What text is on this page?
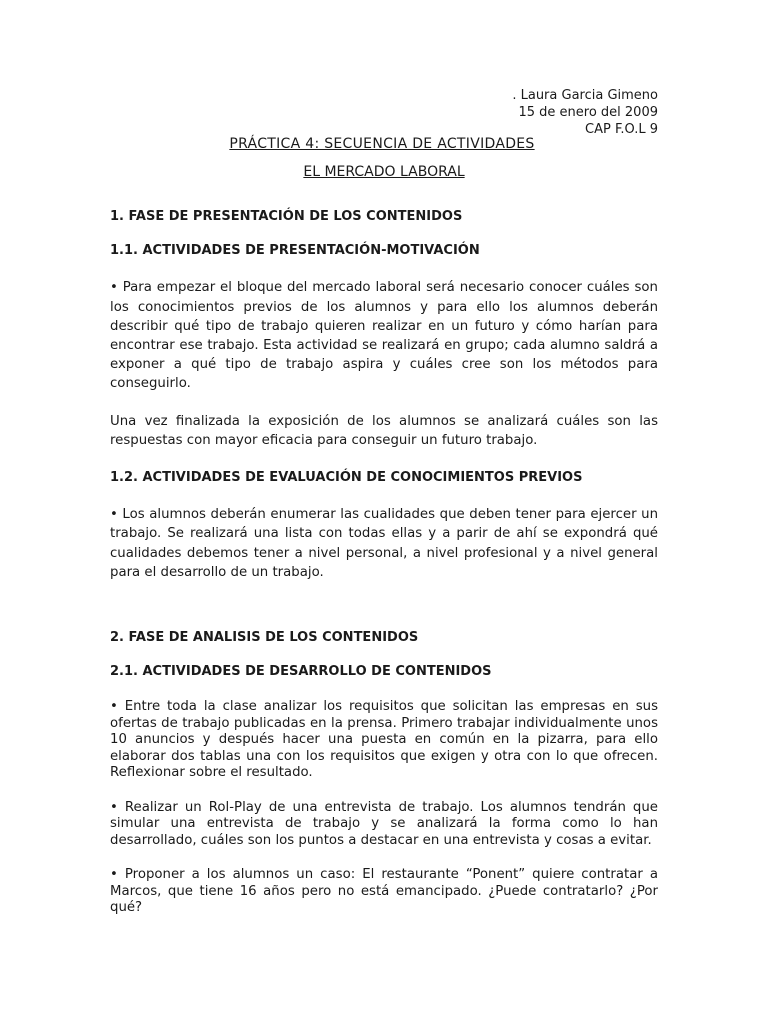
. Laura Garcia Gimeno
15 de enero del 2009
CAP F.O.L 9
PRÁCTICA 4: SECUENCIA DE ACTIVIDADES
EL MERCADO LABORAL

1. FASE DE PRESENTACIÓN DE LOS CONTENIDOS

1.1. ACTIVIDADES DE PRESENTACIÓN-MOTIVACIÓN

• Para empezar el bloque del mercado laboral será necesario conocer cuáles son los conocimientos previos de los alumnos y para ello los alumnos deberán describir qué tipo de trabajo quieren realizar en un futuro y cómo harían para encontrar ese trabajo. Esta actividad se realizará en grupo; cada alumno saldrá a exponer a qué tipo de trabajo aspira y cuáles cree son los métodos para conseguirlo.

Una vez finalizada la exposición de los alumnos se analizará cuáles son las respuestas con mayor eficacia para conseguir un futuro trabajo.

1.2. ACTIVIDADES DE EVALUACIÓN DE CONOCIMIENTOS PREVIOS

• Los alumnos deberán enumerar las cualidades que deben tener para ejercer un trabajo. Se realizará una lista con todas ellas y a parir de ahí se expondrá qué cualidades debemos tener a nivel personal, a nivel profesional y a nivel general para el desarrollo de un trabajo.

2. FASE DE ANALISIS DE LOS CONTENIDOS

2.1. ACTIVIDADES DE DESARROLLO DE CONTENIDOS

• Entre toda la clase analizar los requisitos que solicitan las empresas en sus ofertas de trabajo publicadas en la prensa. Primero trabajar individualmente unos 10 anuncios y después hacer una puesta en común en la pizarra, para ello elaborar dos tablas una con los requisitos que exigen y otra con lo que ofrecen. Reflexionar sobre el resultado.

• Realizar un Rol-Play de una entrevista de trabajo. Los alumnos tendrán que simular una entrevista de trabajo y se analizará la forma como lo han desarrollado, cuáles son los puntos a destacar en una entrevista y cosas a evitar.

• Proponer a los alumnos un caso: El restaurante “Ponent” quiere contratar a Marcos, que tiene 16 años pero no está emancipado. ¿Puede contratarlo? ¿Por qué?
